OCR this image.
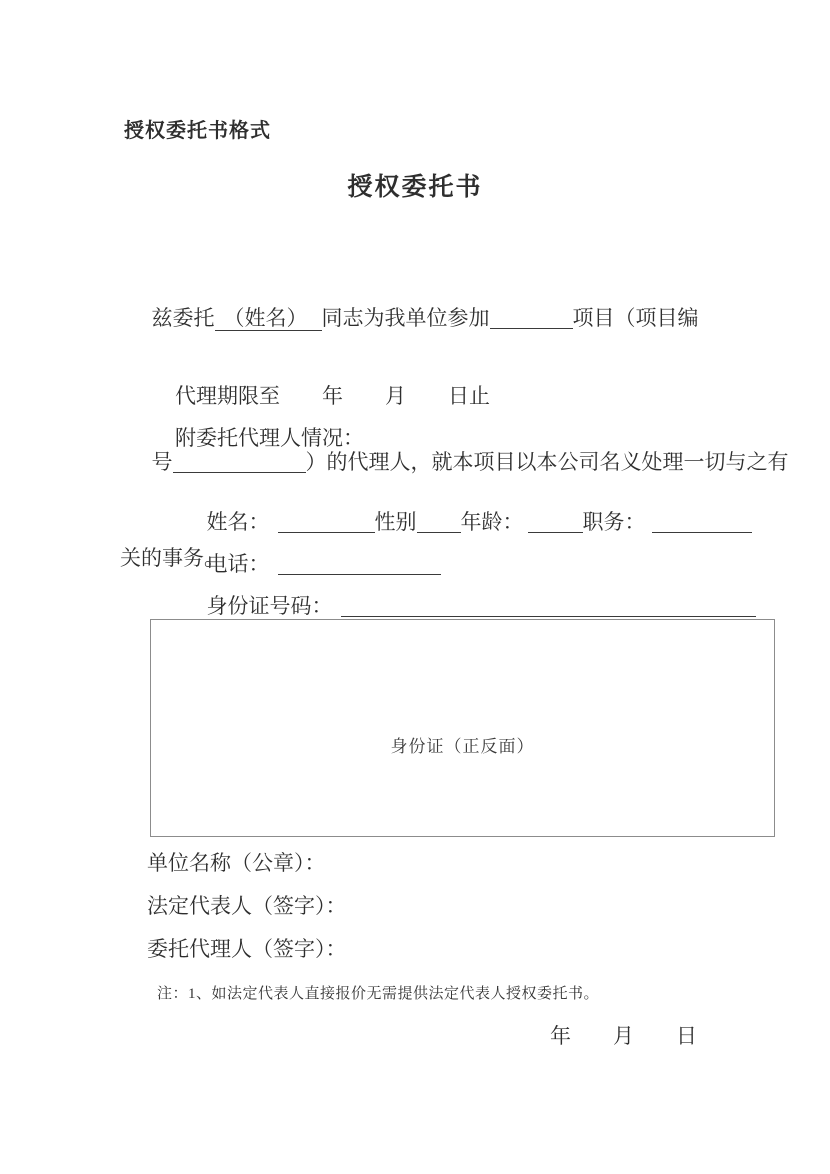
授权委托书格式
授权委托书

兹委托 （姓名） 同志为我单位参加	项目（项目编

号	）的代理人，就本项目以本公司名义处理一切与之有

关的事务。
代理期限至　　年　　月　　日止
附委托代理人情况：

姓名：	性别 年龄：	职务：

电话：

身份证号码：

身份证（正反面）
单位名称（公章）：
法定代表人（签字）：
委托代理人（签字）：
注：1、如法定代表人直接报价无需提供法定代表人授权委托书。
年　　月　　日
